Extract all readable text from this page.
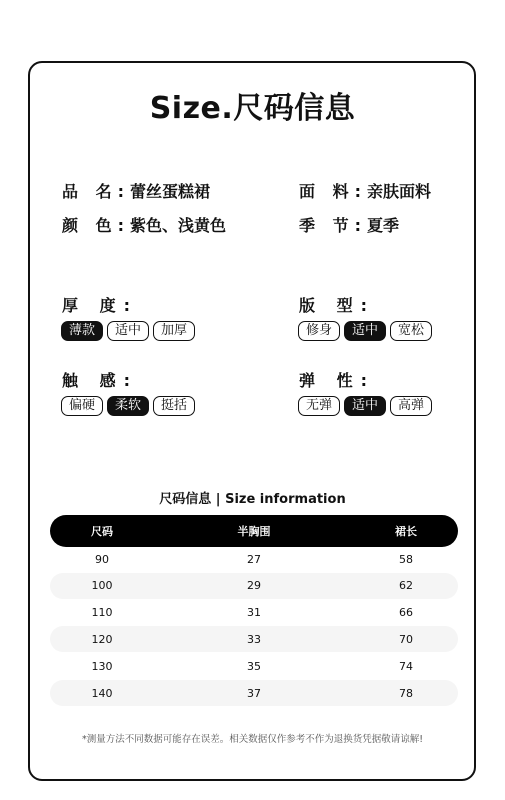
Size.尺码信息
品 名:蕾丝蛋糕裙	面 料:亲肤面料
颜 色:紫色、浅黄色	季 节:夏季
厚 度:
薄款	适中	加厚
版 型:
修身	适中	宽松
触 感:
偏硬	柔软	挺括
弹 性:
无弹	适中	高弹
尺码信息 | Size information
尺码	半胸围	裙长
90	27	58
100	29	62
110	31	66
120	33	70
130	35	74
140	37	78
*测量方法不同数据可能存在误差。相关数据仅作参考不作为退换货凭据敬请谅解!
